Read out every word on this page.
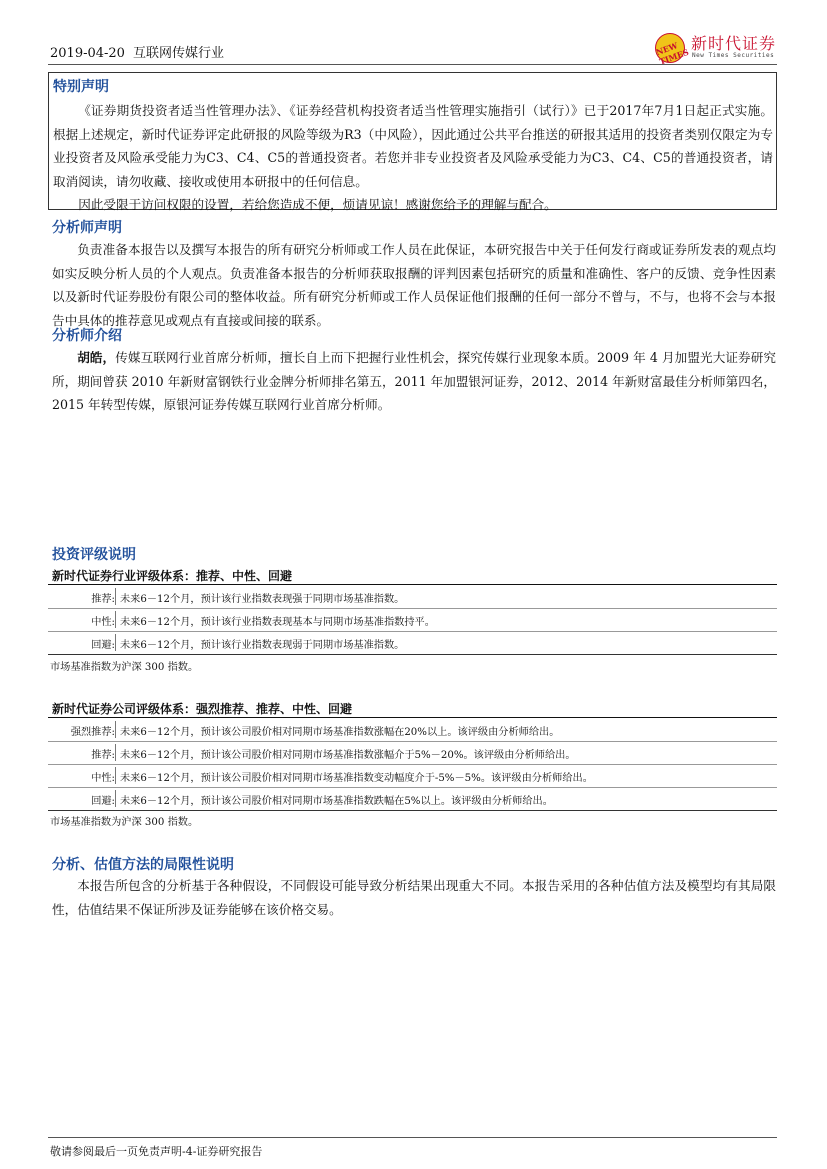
2019-04-20 互联网传媒行业	NEW TIMES
新时代证券
New Times Securities
特别声明

《证券期货投资者适当性管理办法》、《证券经营机构投资者适当性管理实施指引（试行）》已于2017年7月1日起正式实施。根据上述规定，新时代证券评定此研报的风险等级为R3（中风险），因此通过公共平台推送的研报其适用的投资者类别仅限定为专业投资者及风险承受能力为C3、C4、C5的普通投资者。若您并非专业投资者及风险承受能力为C3、C4、C5的普通投资者，请取消阅读，请勿收藏、接收或使用本研报中的任何信息。

因此受限于访问权限的设置，若给您造成不便，烦请见谅！感谢您给予的理解与配合。

分析师声明

负责准备本报告以及撰写本报告的所有研究分析师或工作人员在此保证，本研究报告中关于任何发行商或证券所发表的观点均如实反映分析人员的个人观点。负责准备本报告的分析师获取报酬的评判因素包括研究的质量和准确性、客户的反馈、竞争性因素以及新时代证券股份有限公司的整体收益。所有研究分析师或工作人员保证他们报酬的任何一部分不曾与，不与，也将不会与本报告中具体的推荐意见或观点有直接或间接的联系。

分析师介绍

胡皓，传媒互联网行业首席分析师，擅长自上而下把握行业性机会，探究传媒行业现象本质。2009 年 4 月加盟光大证券研究所，期间曾获 2010 年新财富钢铁行业金牌分析师排名第五，2011 年加盟银河证券，2012、2014 年新财富最佳分析师第四名，2015 年转型传媒，原银河证券传媒互联网行业首席分析师。

投资评级说明
新时代证券行业评级体系：推荐、中性、回避
推荐: 未来6－12个月，预计该行业指数表现强于同期市场基准指数。
中性: 未来6－12个月，预计该行业指数表现基本与同期市场基准指数持平。
回避: 未来6－12个月，预计该行业指数表现弱于同期市场基准指数。
市场基准指数为沪深 300 指数。
新时代证券公司评级体系：强烈推荐、推荐、中性、回避
强烈推荐: 未来6－12个月，预计该公司股价相对同期市场基准指数涨幅在20%以上。该评级由分析师给出。
推荐: 未来6－12个月，预计该公司股价相对同期市场基准指数涨幅介于5%－20%。该评级由分析师给出。
中性: 未来6－12个月，预计该公司股价相对同期市场基准指数变动幅度介于-5%－5%。该评级由分析师给出。
回避: 未来6－12个月，预计该公司股价相对同期市场基准指数跌幅在5%以上。该评级由分析师给出。
市场基准指数为沪深 300 指数。
分析、估值方法的局限性说明

本报告所包含的分析基于各种假设，不同假设可能导致分析结果出现重大不同。本报告采用的各种估值方法及模型均有其局限性，估值结果不保证所涉及证券能够在该价格交易。

敬请参阅最后一页免责声明-4-证券研究报告
